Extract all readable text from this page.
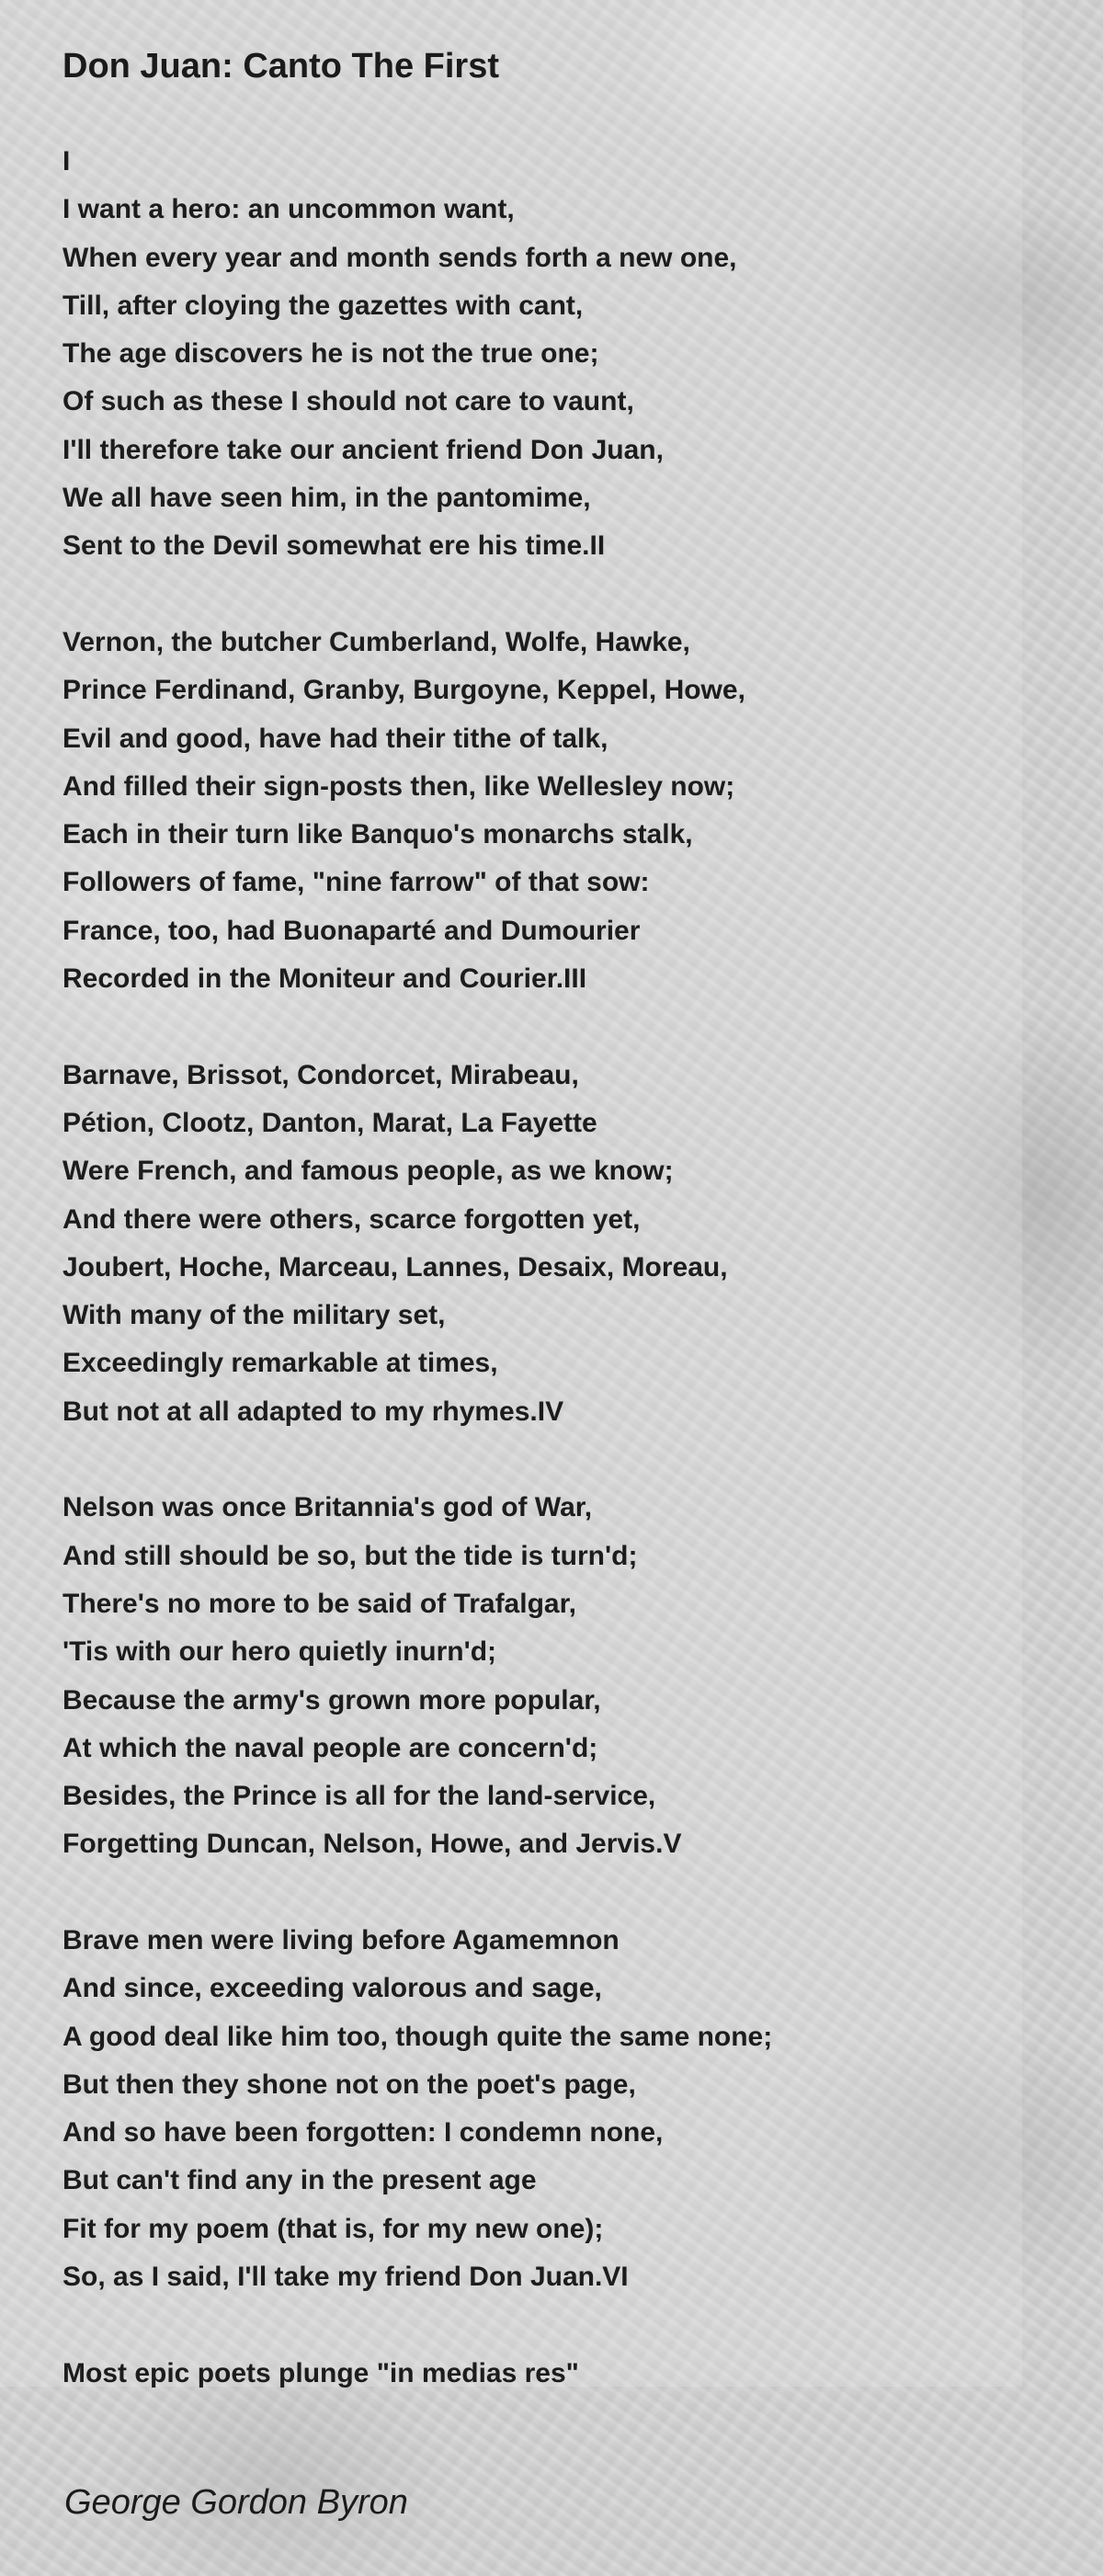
Don Juan: Canto The First
I
I want a hero: an uncommon want,
When every year and month sends forth a new one,
Till, after cloying the gazettes with cant,
The age discovers he is not the true one;
Of such as these I should not care to vaunt,
I'll therefore take our ancient friend Don Juan,
We all have seen him, in the pantomime,
Sent to the Devil somewhat ere his time.II
Vernon, the butcher Cumberland, Wolfe, Hawke,
Prince Ferdinand, Granby, Burgoyne, Keppel, Howe,
Evil and good, have had their tithe of talk,
And filled their sign-posts then, like Wellesley now;
Each in their turn like Banquo's monarchs stalk,
Followers of fame, "nine farrow" of that sow:
France, too, had Buonaparté and Dumourier
Recorded in the Moniteur and Courier.III
Barnave, Brissot, Condorcet, Mirabeau,
Pétion, Clootz, Danton, Marat, La Fayette
Were French, and famous people, as we know;
And there were others, scarce forgotten yet,
Joubert, Hoche, Marceau, Lannes, Desaix, Moreau,
With many of the military set,
Exceedingly remarkable at times,
But not at all adapted to my rhymes.IV
Nelson was once Britannia's god of War,
And still should be so, but the tide is turn'd;
There's no more to be said of Trafalgar,
'Tis with our hero quietly inurn'd;
Because the army's grown more popular,
At which the naval people are concern'd;
Besides, the Prince is all for the land-service,
Forgetting Duncan, Nelson, Howe, and Jervis.V
Brave men were living before Agamemnon
And since, exceeding valorous and sage,
A good deal like him too, though quite the same none;
But then they shone not on the poet's page,
And so have been forgotten: I condemn none,
But can't find any in the present age
Fit for my poem (that is, for my new one);
So, as I said, I'll take my friend Don Juan.VI
Most epic poets plunge "in medias res"
George Gordon Byron
